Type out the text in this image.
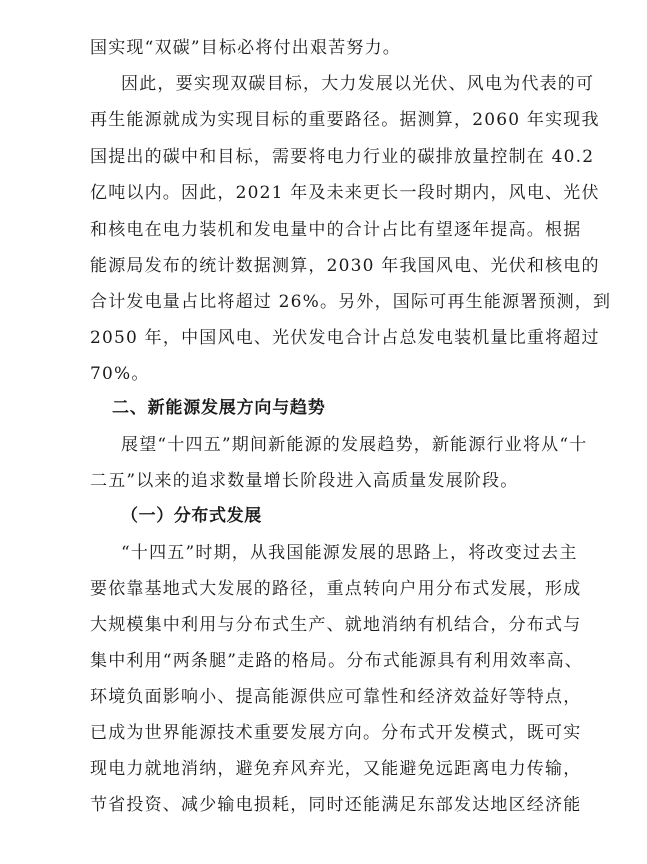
国实现“双碳”目标必将付出艰苦努力。
因此，要实现双碳目标，大力发展以光伏、风电为代表的可
再生能源就成为实现目标的重要路径。据测算，2060 年实现我
国提出的碳中和目标，需要将电力行业的碳排放量控制在 40.2
亿吨以内。因此，2021 年及未来更长一段时期内，风电、光伏
和核电在电力装机和发电量中的合计占比有望逐年提高。根据
能源局发布的统计数据测算，2030 年我国风电、光伏和核电的
合计发电量占比将超过 26%。另外，国际可再生能源署预测，到
2050 年，中国风电、光伏发电合计占总发电装机量比重将超过
70%。
二、新能源发展方向与趋势
展望“十四五”期间新能源的发展趋势，新能源行业将从“十
二五”以来的追求数量增长阶段进入高质量发展阶段。
（一）分布式发展
“十四五”时期，从我国能源发展的思路上，将改变过去主
要依靠基地式大发展的路径，重点转向户用分布式发展，形成
大规模集中利用与分布式生产、就地消纳有机结合，分布式与
集中利用“两条腿”走路的格局。分布式能源具有利用效率高、
环境负面影响小、提高能源供应可靠性和经济效益好等特点，
已成为世界能源技术重要发展方向。分布式开发模式，既可实
现电力就地消纳，避免弃风弃光，又能避免远距离电力传输，
节省投资、减少输电损耗，同时还能满足东部发达地区经济能
